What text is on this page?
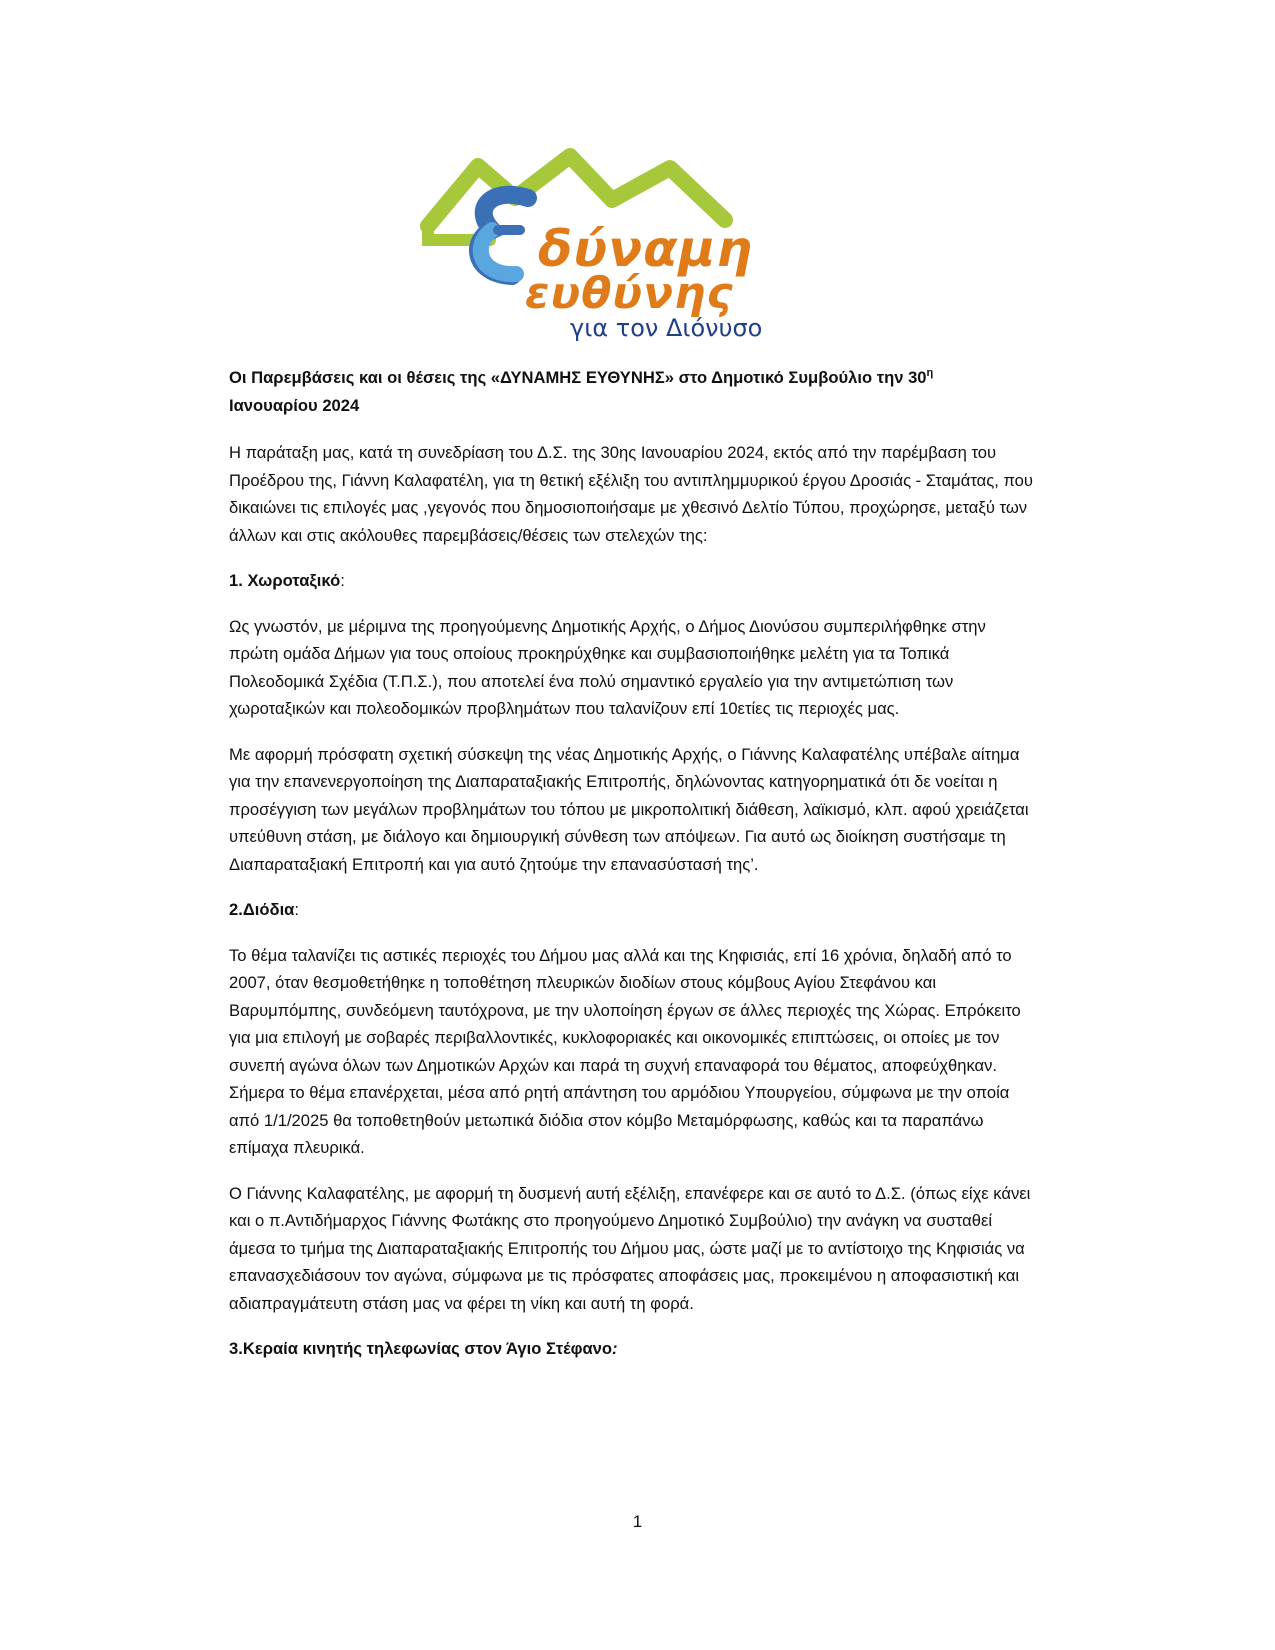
δύναμη
ευθύνης
για τον Διόνυσο

Οι Παρεμβάσεις και οι θέσεις της «ΔΥΝΑΜΗΣ ΕΥΘΥΝΗΣ» στο Δημοτικό Συμβούλιο την $30^\eta$
Ιανουαρίου 2024

Η παράταξη μας, κατά τη συνεδρίαση του Δ.Σ. της 30ης Ιανουαρίου 2024, εκτός από την παρέμβαση του Προέδρου της, Γιάννη Καλαφατέλη, για τη θετική εξέλιξη του αντιπλημμυρικού έργου Δροσιάς - Σταμάτας, που δικαιώνει τις επιλογές μας ,γεγονός που δημοσιοποιήσαμε με χθεσινό Δελτίο Τύπου, προχώρησε, μεταξύ των άλλων και στις ακόλουθες παρεμβάσεις/θέσεις των στελεχών της:

1. Χωροταξικό:

Ως γνωστόν, με μέριμνα της προηγούμενης Δημοτικής Αρχής, ο Δήμος Διονύσου συμπεριλήφθηκε στην πρώτη ομάδα Δήμων για τους οποίους προκηρύχθηκε και συμβασιοποιήθηκε μελέτη για τα Τοπικά Πολεοδομικά Σχέδια (Τ.Π.Σ.), που αποτελεί ένα πολύ σημαντικό εργαλείο για την αντιμετώπιση των χωροταξικών και πολεοδομικών προβλημάτων που ταλανίζουν επί 10ετίες τις περιοχές μας.

Με αφορμή πρόσφατη σχετική σύσκεψη της νέας Δημοτικής Αρχής, ο Γιάννης Καλαφατέλης υπέβαλε αίτημα για την επανενεργοποίηση της Διαπαραταξιακής Επιτροπής, δηλώνοντας κατηγορηματικά ότι δε νοείται η προσέγγιση των μεγάλων προβλημάτων του τόπου με μικροπολιτική διάθεση, λαϊκισμό, κλπ. αφού χρειάζεται υπεύθυνη στάση, με διάλογο και δημιουργική σύνθεση των απόψεων. Για αυτό ως διοίκηση συστήσαμε τη Διαπαραταξιακή Επιτροπή και για αυτό ζητούμε την επανασύστασή της’.

2.Διόδια:

Το θέμα ταλανίζει τις αστικές περιοχές του Δήμου μας αλλά και της Κηφισιάς, επί 16 χρόνια, δηλαδή από το 2007, όταν θεσμοθετήθηκε η τοποθέτηση πλευρικών διοδίων στους κόμβους Αγίου Στεφάνου και Βαρυμπόμπης, συνδεόμενη ταυτόχρονα, με την υλοποίηση έργων σε άλλες περιοχές της Χώρας. Επρόκειτο για μια επιλογή με σοβαρές περιβαλλοντικές, κυκλοφοριακές και οικονομικές επιπτώσεις, οι οποίες με τον συνεπή αγώνα όλων των Δημοτικών Αρχών και παρά τη συχνή επαναφορά του θέματος, αποφεύχθηκαν. Σήμερα το θέμα επανέρχεται, μέσα από ρητή απάντηση του αρμόδιου Υπουργείου, σύμφωνα με την οποία από 1/1/2025 θα τοποθετηθούν μετωπικά διόδια στον κόμβο Μεταμόρφωσης, καθώς και τα παραπάνω επίμαχα πλευρικά.

Ο Γιάννης Καλαφατέλης, με αφορμή τη δυσμενή αυτή εξέλιξη, επανέφερε και σε αυτό το Δ.Σ. (όπως είχε κάνει και ο π.Αντιδήμαρχος Γιάννης Φωτάκης στο προηγούμενο Δημοτικό Συμβούλιο) την ανάγκη να συσταθεί άμεσα το τμήμα της Διαπαραταξιακής Επιτροπής του Δήμου μας, ώστε μαζί με το αντίστοιχο της Κηφισιάς να επανασχεδιάσουν τον αγώνα, σύμφωνα με τις πρόσφατες αποφάσεις μας, προκειμένου η αποφασιστική και αδιαπραγμάτευτη στάση μας να φέρει τη νίκη και αυτή τη φορά.

3.Κεραία κινητής τηλεφωνίας στον Άγιο Στέφανο:

1
